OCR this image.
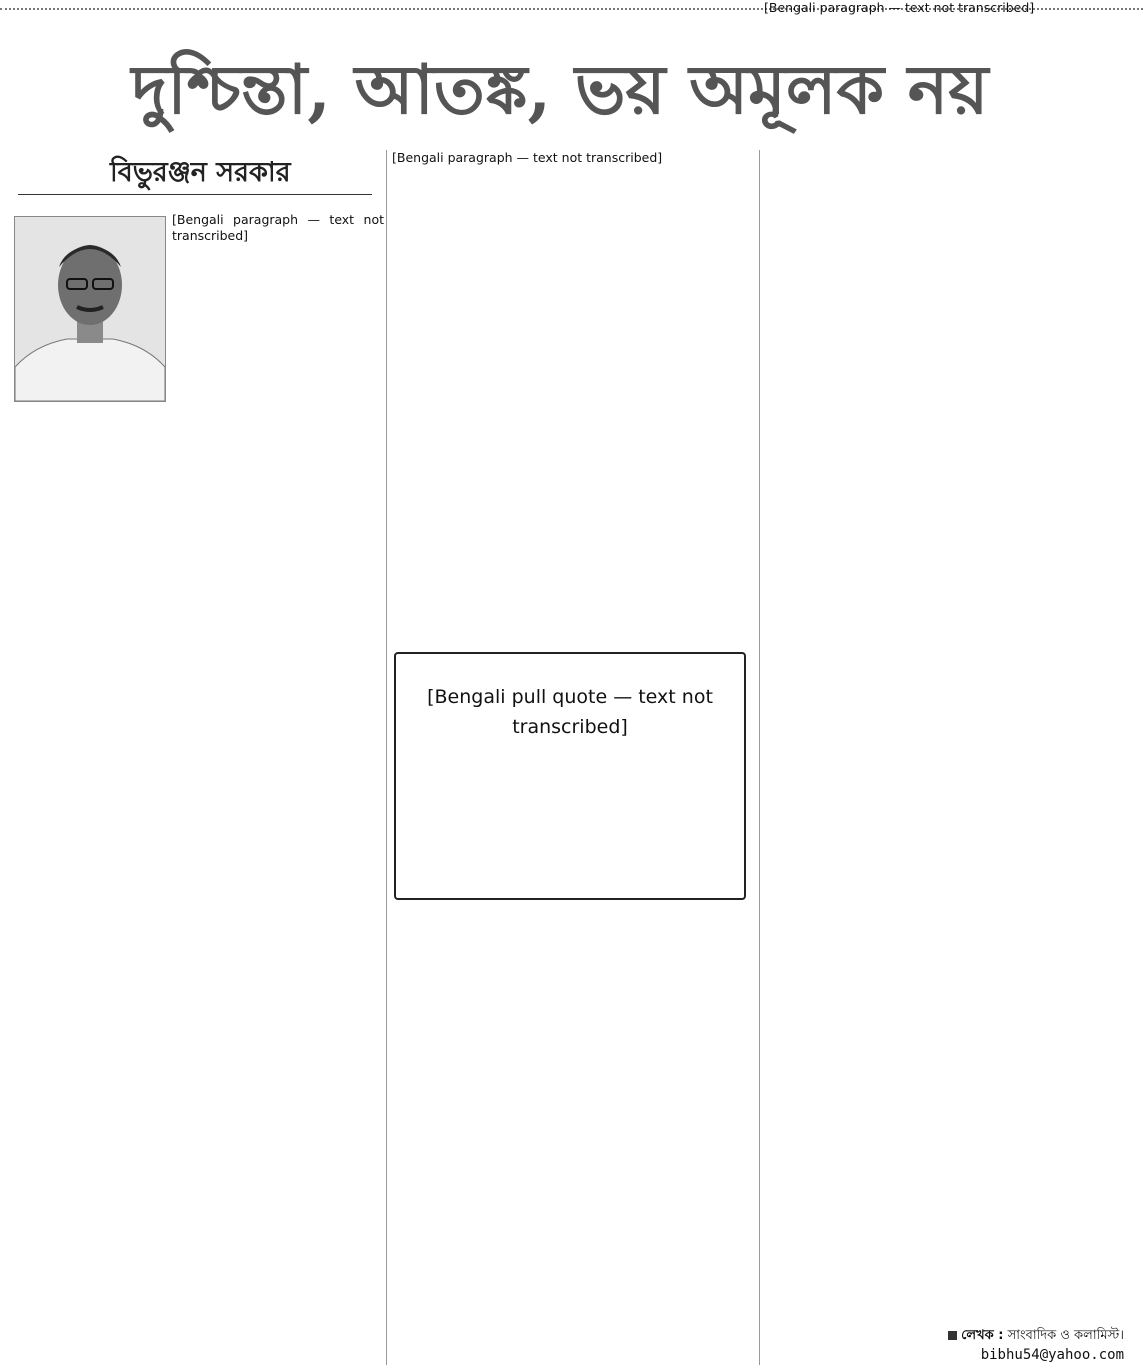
দুশ্চিন্তা, আতঙ্ক, ভয় অমূলক নয়
বিভুরঞ্জন সরকার

[Bengali paragraph — text not transcribed]

[Bengali paragraph — text not transcribed]

[Bengali pull quote — text not transcribed]

[Bengali paragraph — text not transcribed]

লেখক : সাংবাদিক ও কলামিস্ট।
bibhu54@yahoo.com
